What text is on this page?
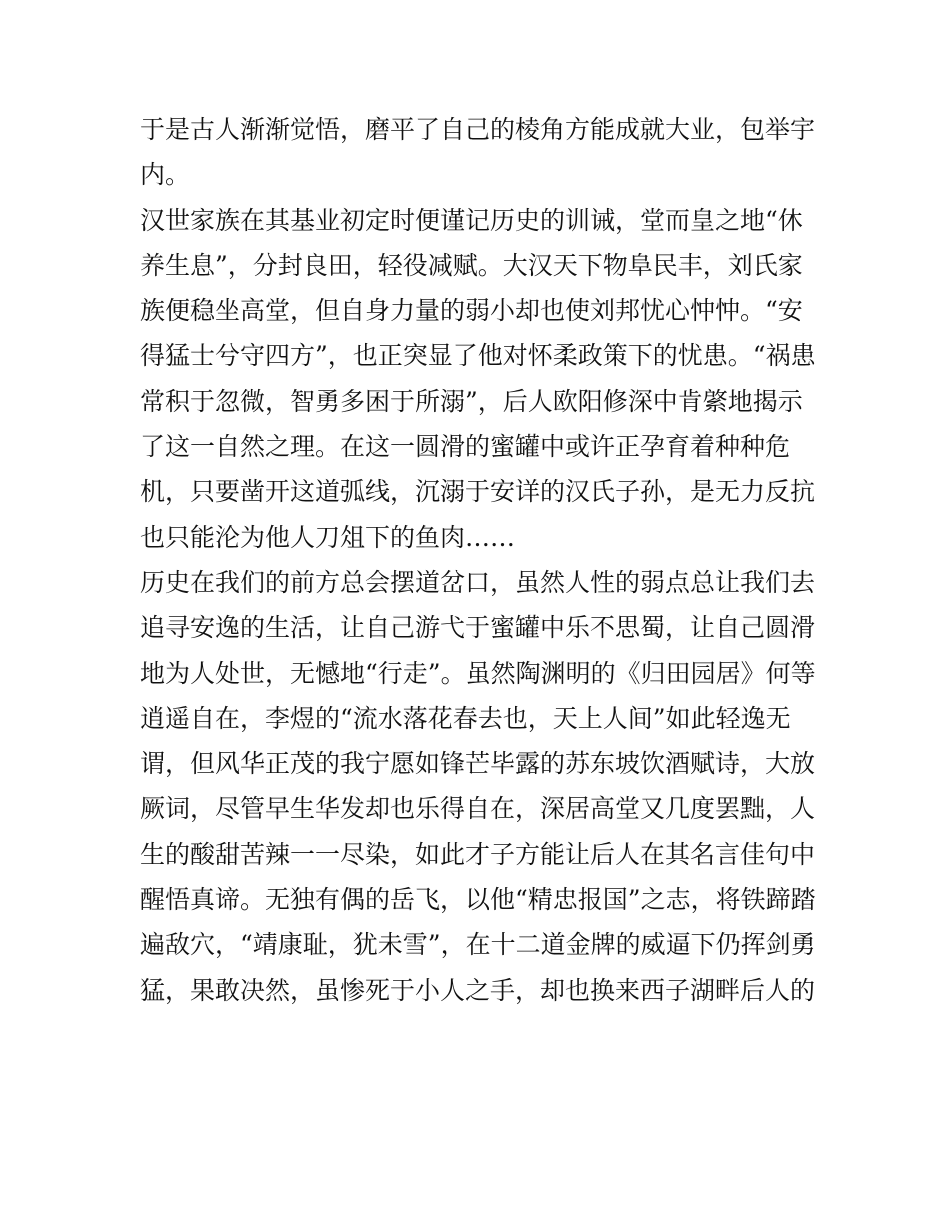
于是古人渐渐觉悟，磨平了自己的棱角方能成就大业，包举宇
内。
汉世家族在其基业初定时便谨记历史的训诫，堂而皇之地“休
养生息”，分封良田，轻役减赋。大汉天下物阜民丰，刘氏家
族便稳坐高堂，但自身力量的弱小却也使刘邦忧心忡忡。“安
得猛士兮守四方”，也正突显了他对怀柔政策下的忧患。“祸患
常积于忽微，智勇多困于所溺”，后人欧阳修深中肯綮地揭示
了这一自然之理。在这一圆滑的蜜罐中或许正孕育着种种危
机，只要凿开这道弧线，沉溺于安详的汉氏子孙，是无力反抗
也只能沦为他人刀俎下的鱼肉……
历史在我们的前方总会摆道岔口，虽然人性的弱点总让我们去
追寻安逸的生活，让自己游弋于蜜罐中乐不思蜀，让自己圆滑
地为人处世，无憾地“行走”。虽然陶渊明的《归田园居》何等
逍遥自在，李煜的“流水落花春去也，天上人间”如此轻逸无
谓，但风华正茂的我宁愿如锋芒毕露的苏东坡饮酒赋诗，大放
厥词，尽管早生华发却也乐得自在，深居高堂又几度罢黜，人
生的酸甜苦辣一一尽染，如此才子方能让后人在其名言佳句中
醒悟真谛。无独有偶的岳飞，以他“精忠报国”之志，将铁蹄踏
遍敌穴，“靖康耻，犹未雪”，在十二道金牌的威逼下仍挥剑勇
猛，果敢决然，虽惨死于小人之手，却也换来西子湖畔后人的
